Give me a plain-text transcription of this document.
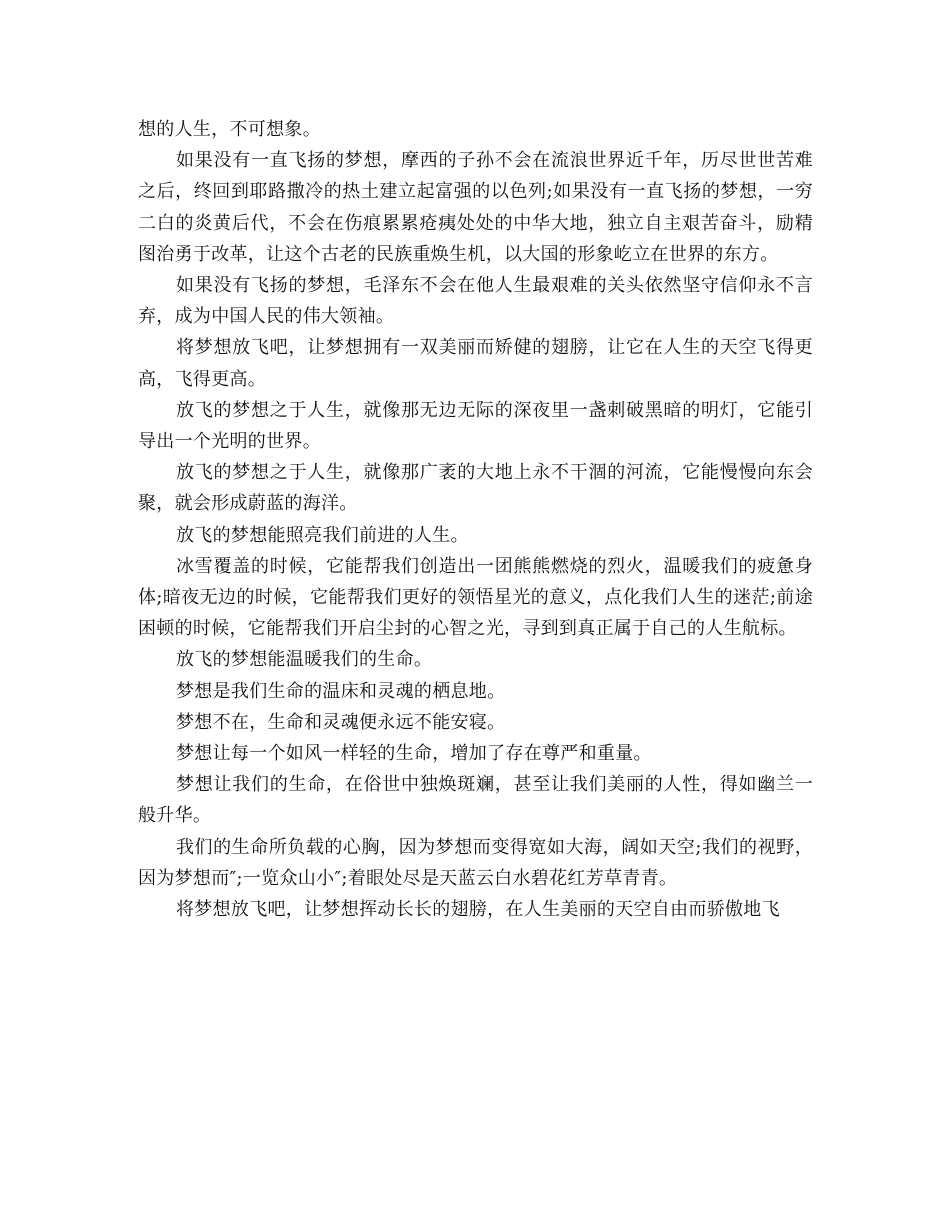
想的人生，不可想象。

如果没有一直飞扬的梦想，摩西的子孙不会在流浪世界近千年，历尽世世苦难之后，终回到耶路撒冷的热土建立起富强的以色列;如果没有一直飞扬的梦想，一穷二白的炎黄后代，不会在伤痕累累疮痍处处的中华大地，独立自主艰苦奋斗，励精图治勇于改革，让这个古老的民族重焕生机，以大国的形象屹立在世界的东方。

如果没有飞扬的梦想，毛泽东不会在他人生最艰难的关头依然坚守信仰永不言弃，成为中国人民的伟大领袖。

将梦想放飞吧，让梦想拥有一双美丽而矫健的翅膀，让它在人生的天空飞得更高，飞得更高。

放飞的梦想之于人生，就像那无边无际的深夜里一盏刺破黑暗的明灯，它能引导出一个光明的世界。

放飞的梦想之于人生，就像那广袤的大地上永不干涸的河流，它能慢慢向东会聚，就会形成蔚蓝的海洋。

放飞的梦想能照亮我们前进的人生。

冰雪覆盖的时候，它能帮我们创造出一团熊熊燃烧的烈火，温暖我们的疲惫身体;暗夜无边的时候，它能帮我们更好的领悟星光的意义，点化我们人生的迷茫;前途困顿的时候，它能帮我们开启尘封的心智之光，寻到到真正属于自己的人生航标。

放飞的梦想能温暖我们的生命。

梦想是我们生命的温床和灵魂的栖息地。

梦想不在，生命和灵魂便永远不能安寝。

梦想让每一个如风一样轻的生命，增加了存在尊严和重量。

梦想让我们的生命，在俗世中独焕斑斓，甚至让我们美丽的人性，得如幽兰一般升华。

我们的生命所负载的心胸，因为梦想而变得宽如大海，阔如天空;我们的视野，因为梦想而″;一览众山小″;着眼处尽是天蓝云白水碧花红芳草青青。

将梦想放飞吧，让梦想挥动长长的翅膀，在人生美丽的天空自由而骄傲地飞
